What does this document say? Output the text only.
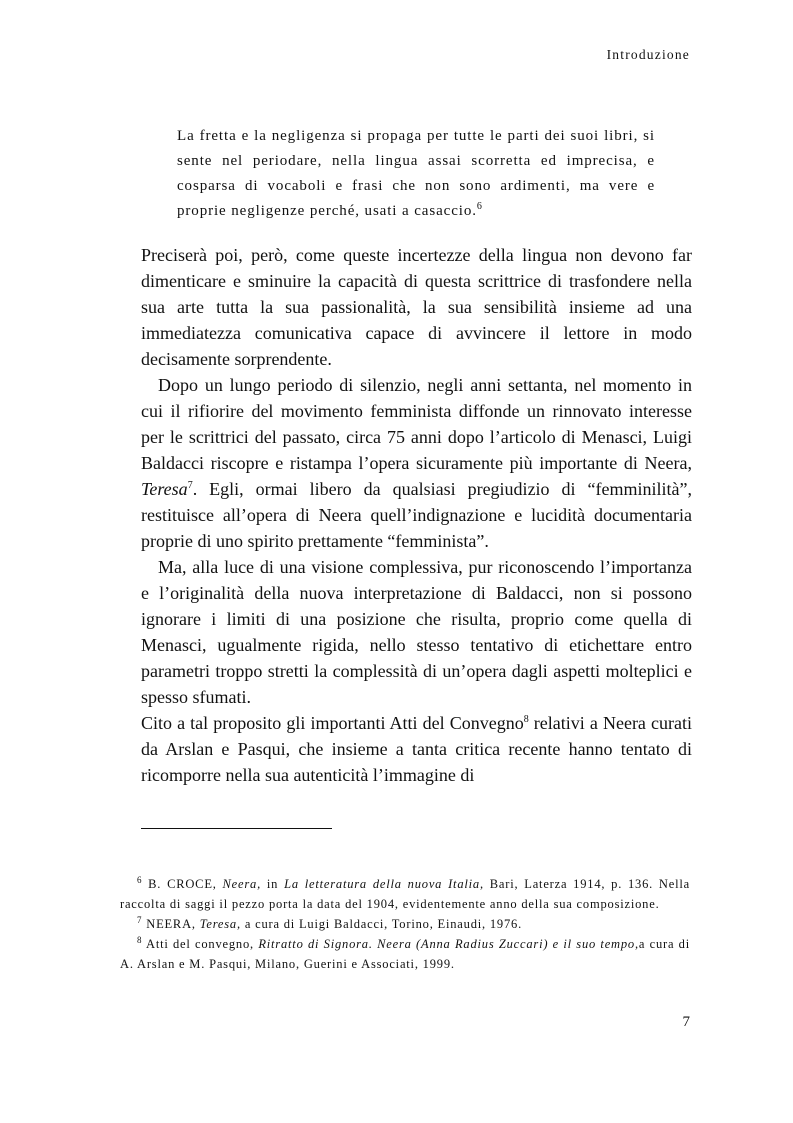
Introduzione

La fretta e la negligenza si propaga per tutte le parti dei suoi libri, si sente nel periodare, nella lingua assai scorretta ed imprecisa, e cosparsa di vocaboli e frasi che non sono ardimenti, ma vere e proprie negligenze perché, usati a casaccio.$^6$

Preciserà poi, però, come queste incertezze della lingua non devono far dimenticare e sminuire la capacità di questa scrittrice di trasfondere nella sua arte tutta la sua passionalità, la sua sensibilità insieme ad una immediatezza comunicativa capace di avvincere il lettore in modo decisamente sorprendente.

Dopo un lungo periodo di silenzio, negli anni settanta, nel momento in cui il rifiorire del movimento femminista diffonde un rinnovato interesse per le scrittrici del passato, circa 75 anni dopo l’articolo di Menasci, Luigi Baldacci riscopre e ristampa l’opera sicuramente più importante di Neera, Teresa$^7$. Egli, ormai libero da qualsiasi pregiudizio di “femminilità”, restituisce all’opera di Neera quell’indignazione e lucidità documentaria proprie di uno spirito prettamente “femminista”.

Ma, alla luce di una visione complessiva, pur riconoscendo l’importanza e l’originalità della nuova interpretazione di Baldacci, non si possono ignorare i limiti di una posizione che risulta, proprio come quella di Menasci, ugualmente rigida, nello stesso tentativo di etichettare entro parametri troppo stretti la complessità di un’opera dagli aspetti molteplici e spesso sfumati.

Cito a tal proposito gli importanti Atti del Convegno$^8$ relativi a Neera curati da Arslan e Pasqui, che insieme a tanta critica recente hanno tentato di ricomporre nella sua autenticità l’immagine di

$^6$ B. CROCE, Neera, in La letteratura della nuova Italia, Bari, Laterza 1914, p. 136. Nella raccolta di saggi il pezzo porta la data del 1904, evidentemente anno della sua composizione.

$^7$ NEERA, Teresa, a cura di Luigi Baldacci, Torino, Einaudi, 1976.

$^8$ Atti del convegno, Ritratto di Signora. Neera (Anna Radius Zuccari) e il suo tempo,a cura di A. Arslan e M. Pasqui, Milano, Guerini e Associati, 1999.

7
